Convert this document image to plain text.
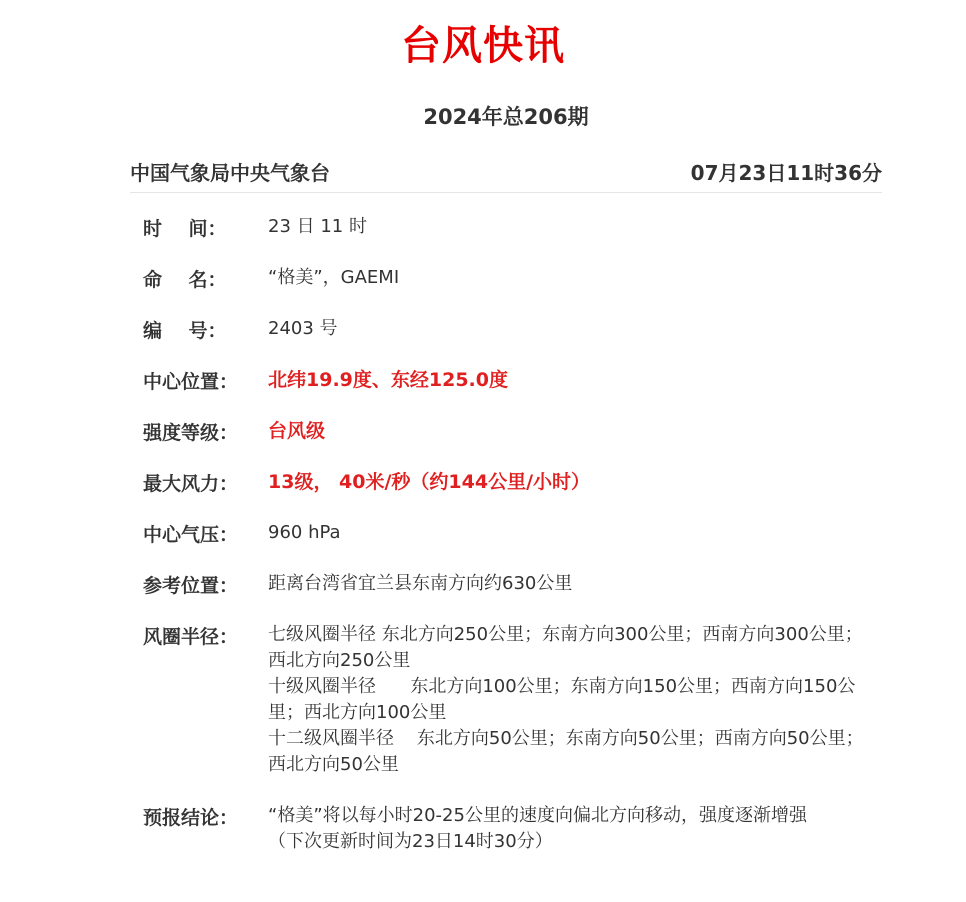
台风快讯
2024年总206期
中国气象局中央气象台	07月23日11时36分
时    间：	23 日 11 时
命    名：	“格美”，GAEMI
编    号：	2403 号
中心位置：	北纬19.9度、东经125.0度
强度等级：	台风级
最大风力：	13级， 40米/秒（约144公里/小时）
中心气压：	960 hPa
参考位置：	距离台湾省宜兰县东南方向约630公里
风圈半径：	七级风圈半径 东北方向250公里；东南方向300公里；西南方向300公里；西北方向250公里
十级风圈半径      东北方向100公里；东南方向150公里；西南方向150公里；西北方向100公里
十二级风圈半径    东北方向50公里；东南方向50公里；西南方向50公里；西北方向50公里
预报结论：	“格美”将以每小时20-25公里的速度向偏北方向移动，强度逐渐增强
（下次更新时间为23日14时30分）
